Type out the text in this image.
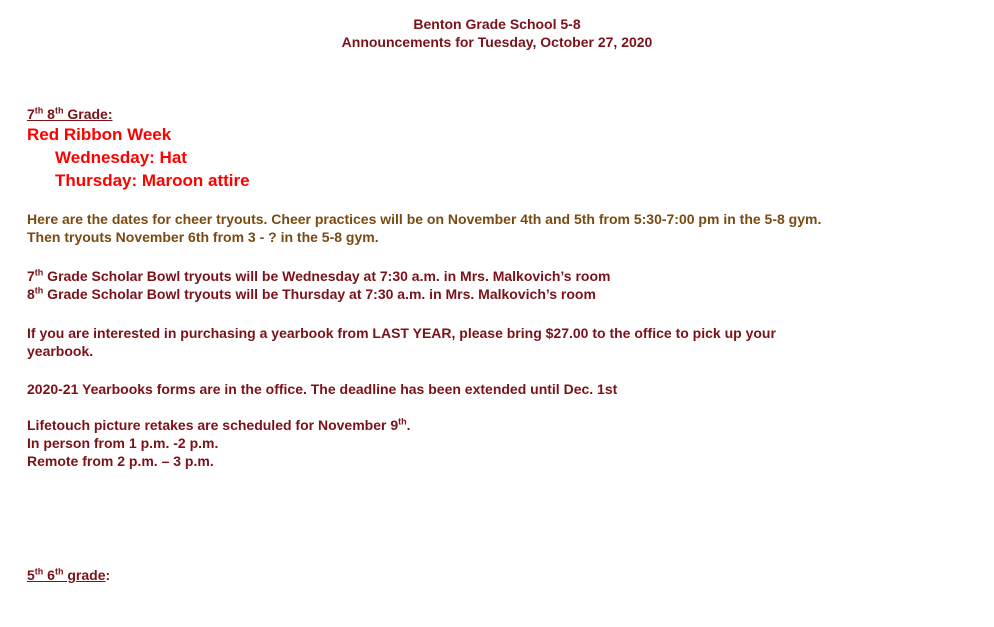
Benton Grade School 5-8
Announcements for Tuesday, October 27, 2020
7th 8th Grade:
Red Ribbon Week
Wednesday: Hat
Thursday: Maroon attire
Here are the dates for cheer tryouts. Cheer practices will be on November 4th and 5th from 5:30-7:00 pm in the 5-8 gym.
Then tryouts November 6th from 3 - ? in the 5-8 gym.
7th Grade Scholar Bowl tryouts will be Wednesday at 7:30 a.m. in Mrs. Malkovich’s room
8th Grade Scholar Bowl tryouts will be Thursday at 7:30 a.m. in Mrs. Malkovich’s room
If you are interested in purchasing a yearbook from LAST YEAR, please bring $27.00 to the office to pick up your
yearbook.
2020-21 Yearbooks forms are in the office. The deadline has been extended until Dec. 1st
Lifetouch picture retakes are scheduled for November 9th.
In person from 1 p.m. -2 p.m.
Remote from 2 p.m. – 3 p.m.
5th 6th grade:
